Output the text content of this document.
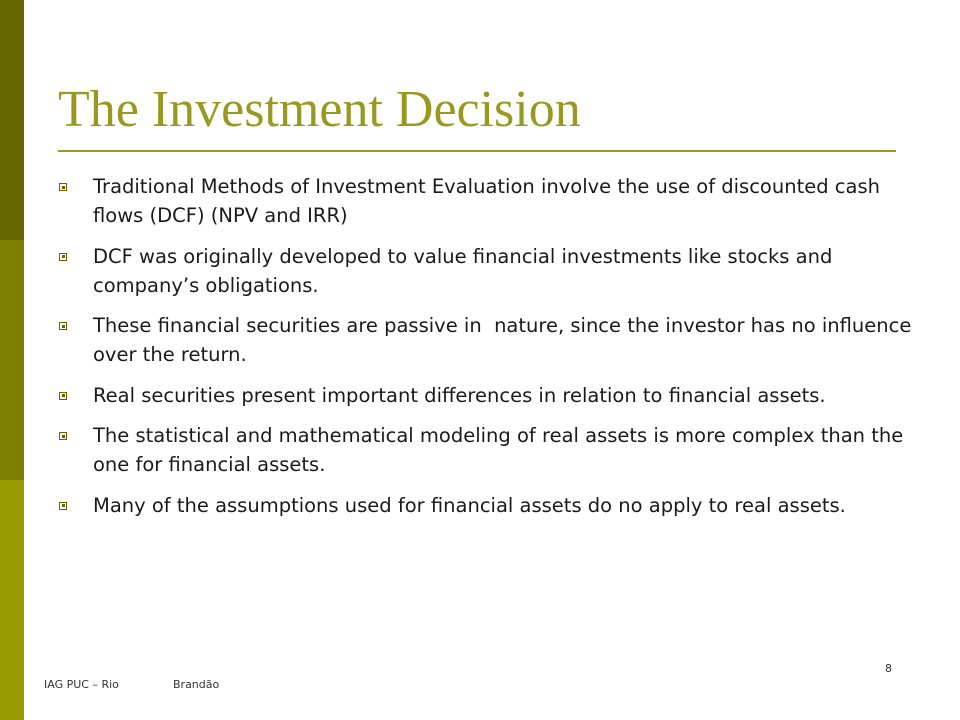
The Investment Decision
Traditional Methods of Investment Evaluation involve the use of discounted cash flows (DCF) (NPV and IRR)
DCF was originally developed to value financial investments like stocks and company’s obligations.
These financial securities are passive in  nature, since the investor has no influence over the return.
Real securities present important differences in relation to financial assets.
The statistical and mathematical modeling of real assets is more complex than the one for financial assets.
Many of the assumptions used for financial assets do no apply to real assets.
IAG PUC – Rio	Brandão
8
